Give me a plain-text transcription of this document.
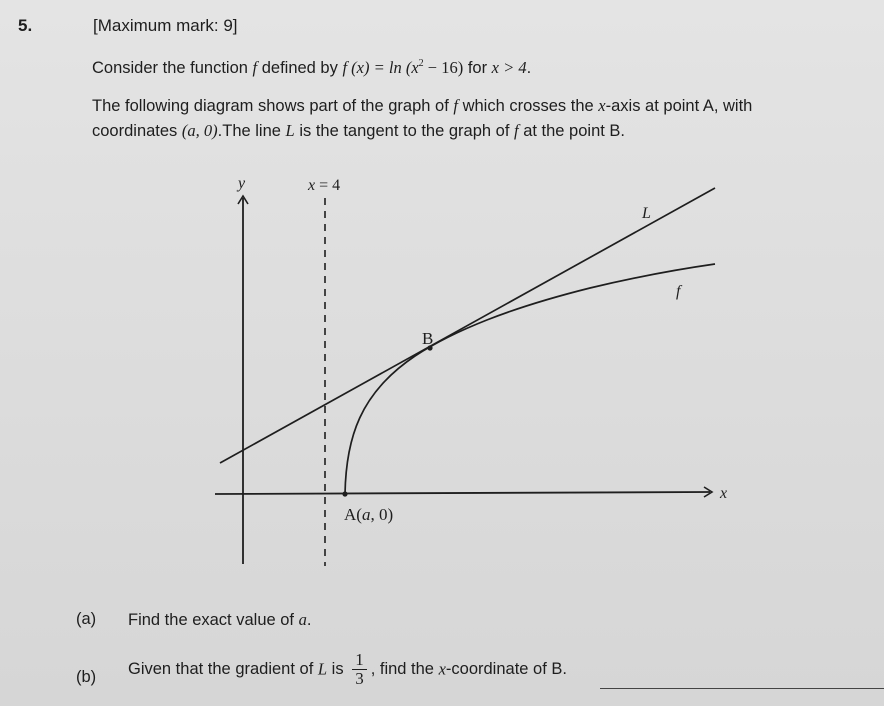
5.	[Maximum mark: 9]
Consider the function f defined by f $(x) = \ln (x^2 - 16)$ for x > 4.
The following diagram shows part of the graph of f which crosses the x-axis at point A, with
coordinates (a, 0).The line L is the tangent to the graph of f at the point B.
y
x
x = 4
L
f
B
A(a, 0)
(a) Find the exact value of a.
(b) Given that the gradient of L is $\frac{1}{3}$ , find the x-coordinate of B.
